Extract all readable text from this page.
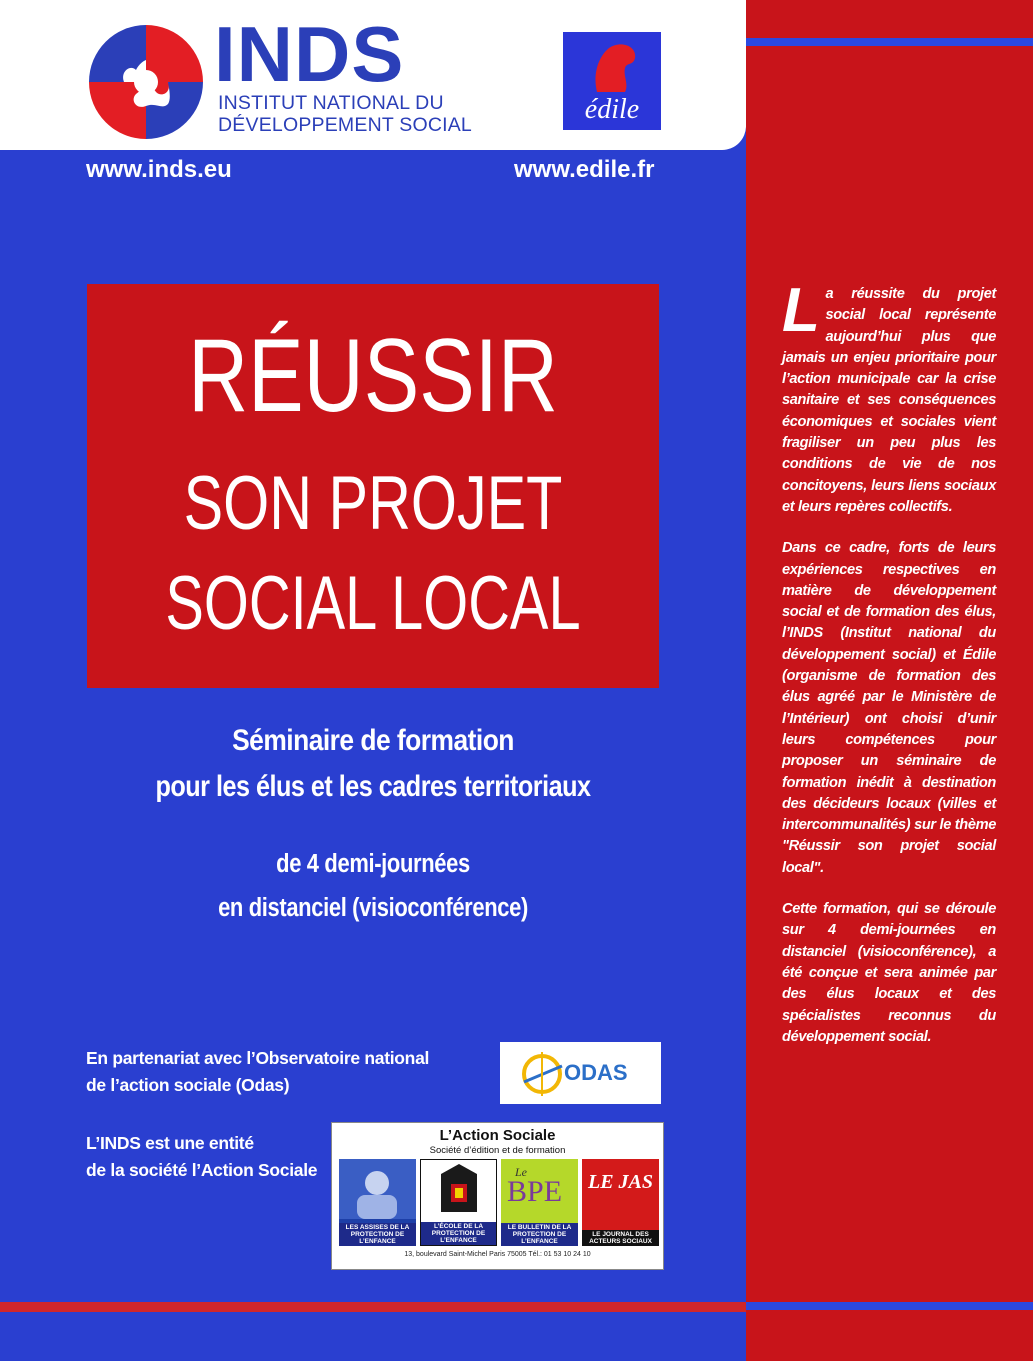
INDS
INSTITUT NATIONAL DU
DÉVELOPPEMENT SOCIAL	édile
www.inds.eu	www.edile.fr
RÉUSSIR
SON PROJET
SOCIAL LOCAL
Séminaire de formation
pour les élus et les cadres territoriaux
de 4 demi-journées
en distanciel (visioconférence)
En partenariat avec l’Observatoire national
de l’action sociale (Odas)	ODAS
L’INDS est une entité
de la société l’Action Sociale
L’Action Sociale
Société d’édition et de formation
LES ASSISES DE LA PROTECTION DE L’ENFANCE
L’ÉCOLE DE LA PROTECTION DE L’ENFANCE
Le
BPE
LE BULLETIN DE LA PROTECTION DE L’ENFANCE
LE JAS
LE JOURNAL DES ACTEURS SOCIAUX
13, boulevard Saint-Michel Paris 75005 Tél.: 01 53 10 24 10

La réussite du projet social local représente aujourd’hui plus que jamais un enjeu prioritaire pour l’action municipale car la crise sanitaire et ses conséquences économiques et sociales vient fragiliser un peu plus les conditions de vie de nos concitoyens, leurs liens sociaux et leurs repères collectifs.

Dans ce cadre, forts de leurs expériences respectives en matière de développement social et de formation des élus, l’INDS (Institut national du développement social) et Édile (organisme de formation des élus agréé par le Ministère de l’Intérieur) ont choisi d’unir leurs compétences pour proposer un séminaire de formation inédit à destination des décideurs locaux (villes et intercommunalités) sur le thème "Réussir son projet social local".

Cette formation, qui se déroule sur 4 demi-journées en distanciel (visioconférence), a été conçue et sera animée par des élus locaux et des spécialistes reconnus du développement social.
